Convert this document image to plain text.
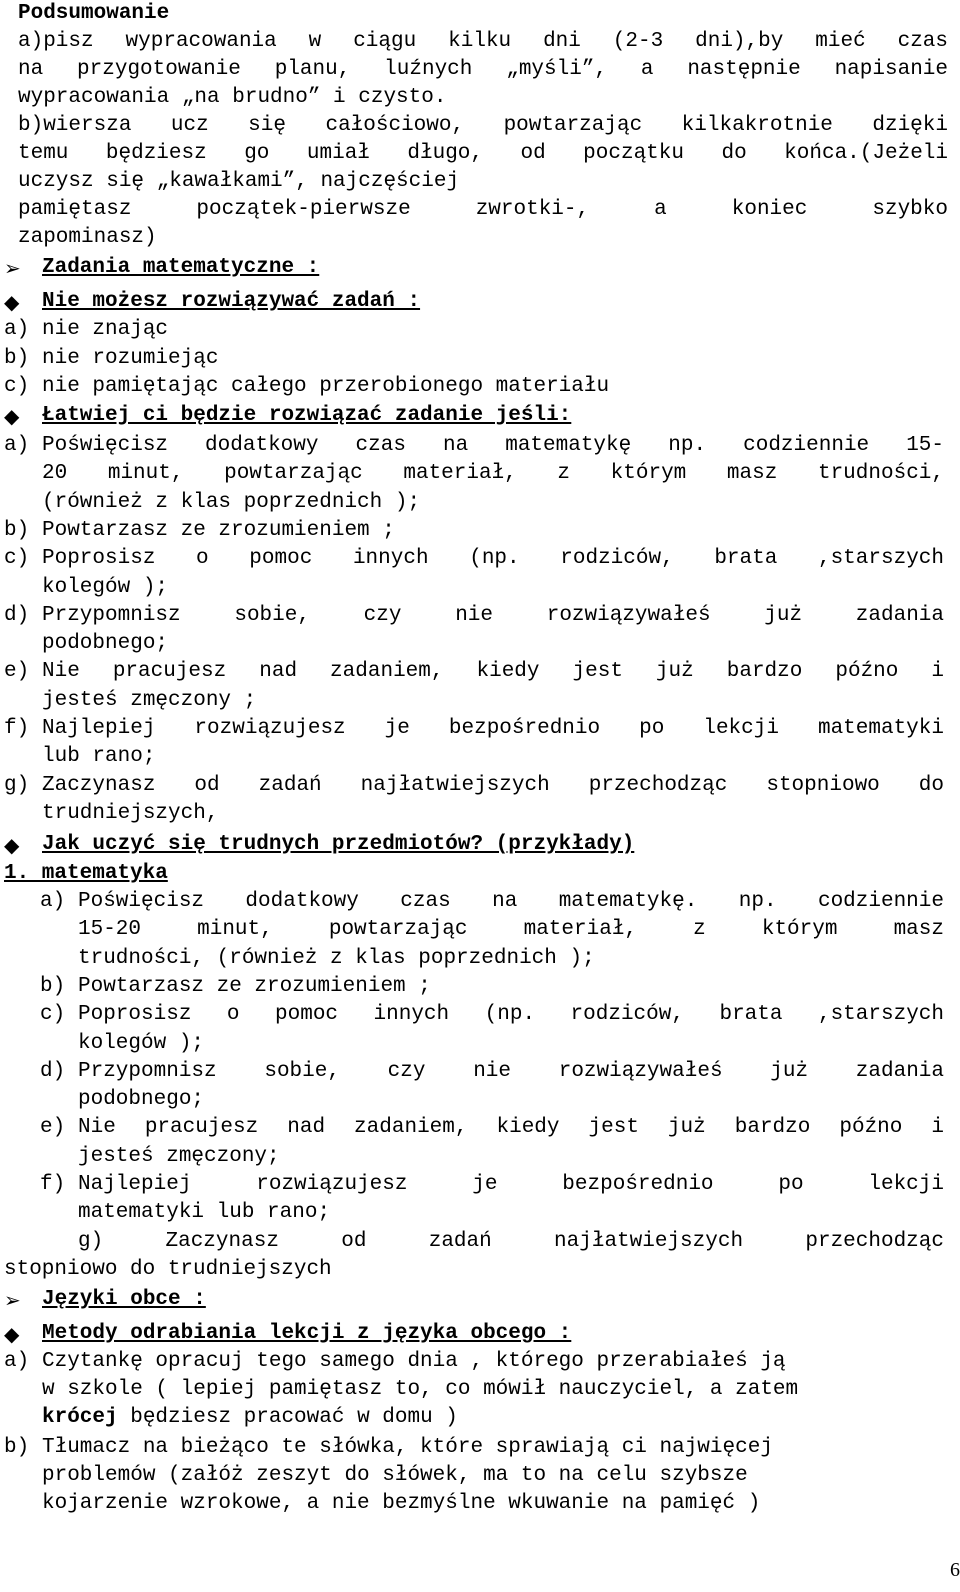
Podsumowanie
a)pisz wypracowania w ciągu kilku dni (2-3 dni),by mieć czas
na przygotowanie planu, luźnych „myśli”, a następnie napisanie
wypracowania „na brudno” i czysto.
b)wiersza ucz się całościowo, powtarzając kilkakrotnie dzięki
temu będziesz go umiał długo, od początku do końca.(Jeżeli
uczysz się „kawałkami”, najczęściej
pamiętasz początek-pierwsze zwrotki-, a koniec szybko
zapominasz)
➢	Zadania matematyczne :
◆	Nie możesz rozwiązywać zadań :
a) nie znając
b) nie rozumiejąc
c) nie pamiętając całego przerobionego materiału
◆	Łatwiej ci będzie rozwiązać zadanie jeśli:
a) Poświęcisz dodatkowy czas na matematykę np. codziennie 15-
20 minut, powtarzając materiał, z którym masz trudności,
(również z klas poprzednich );
b) Powtarzasz ze zrozumieniem ;
c) Poprosisz o pomoc innych (np. rodziców, brata ,starszych
kolegów );
d) Przypomnisz sobie, czy nie rozwiązywałeś już zadania
podobnego;
e) Nie pracujesz nad zadaniem, kiedy jest już bardzo późno i
jesteś zmęczony ;
f) Najlepiej rozwiązujesz je bezpośrednio po lekcji matematyki
lub rano;
g) Zaczynasz od zadań najłatwiejszych przechodząc stopniowo do
trudniejszych,
◆	Jak uczyć się trudnych przedmiotów? (przykłady)
1. matematyka
a) Poświęcisz dodatkowy czas na matematykę. np. codziennie
15-20 minut, powtarzając materiał, z którym masz
trudności, (również z klas poprzednich );
b) Powtarzasz ze zrozumieniem ;
c) Poprosisz o pomoc innych (np. rodziców, brata ,starszych
kolegów );
d) Przypomnisz sobie, czy nie rozwiązywałeś już zadania
podobnego;
e) Nie pracujesz nad zadaniem, kiedy jest już bardzo późno i
jesteś zmęczony;
f) Najlepiej rozwiązujesz je bezpośrednio po lekcji
matematyki lub rano;
g) Zaczynasz od zadań najłatwiejszych przechodząc
stopniowo do trudniejszych
➢	Języki obce :
◆	Metody odrabiania lekcji z języka obcego :
a) Czytankę opracuj tego samego dnia , którego przerabiałeś ją
w szkole ( lepiej pamiętasz to, co mówił nauczyciel, a zatem
krócej będziesz pracować w domu )
b) Tłumacz na bieżąco te słówka, które sprawiają ci najwięcej
problemów (załóż zeszyt do słówek, ma to na celu szybsze
kojarzenie wzrokowe, a nie bezmyślne wkuwanie na pamięć )
6
